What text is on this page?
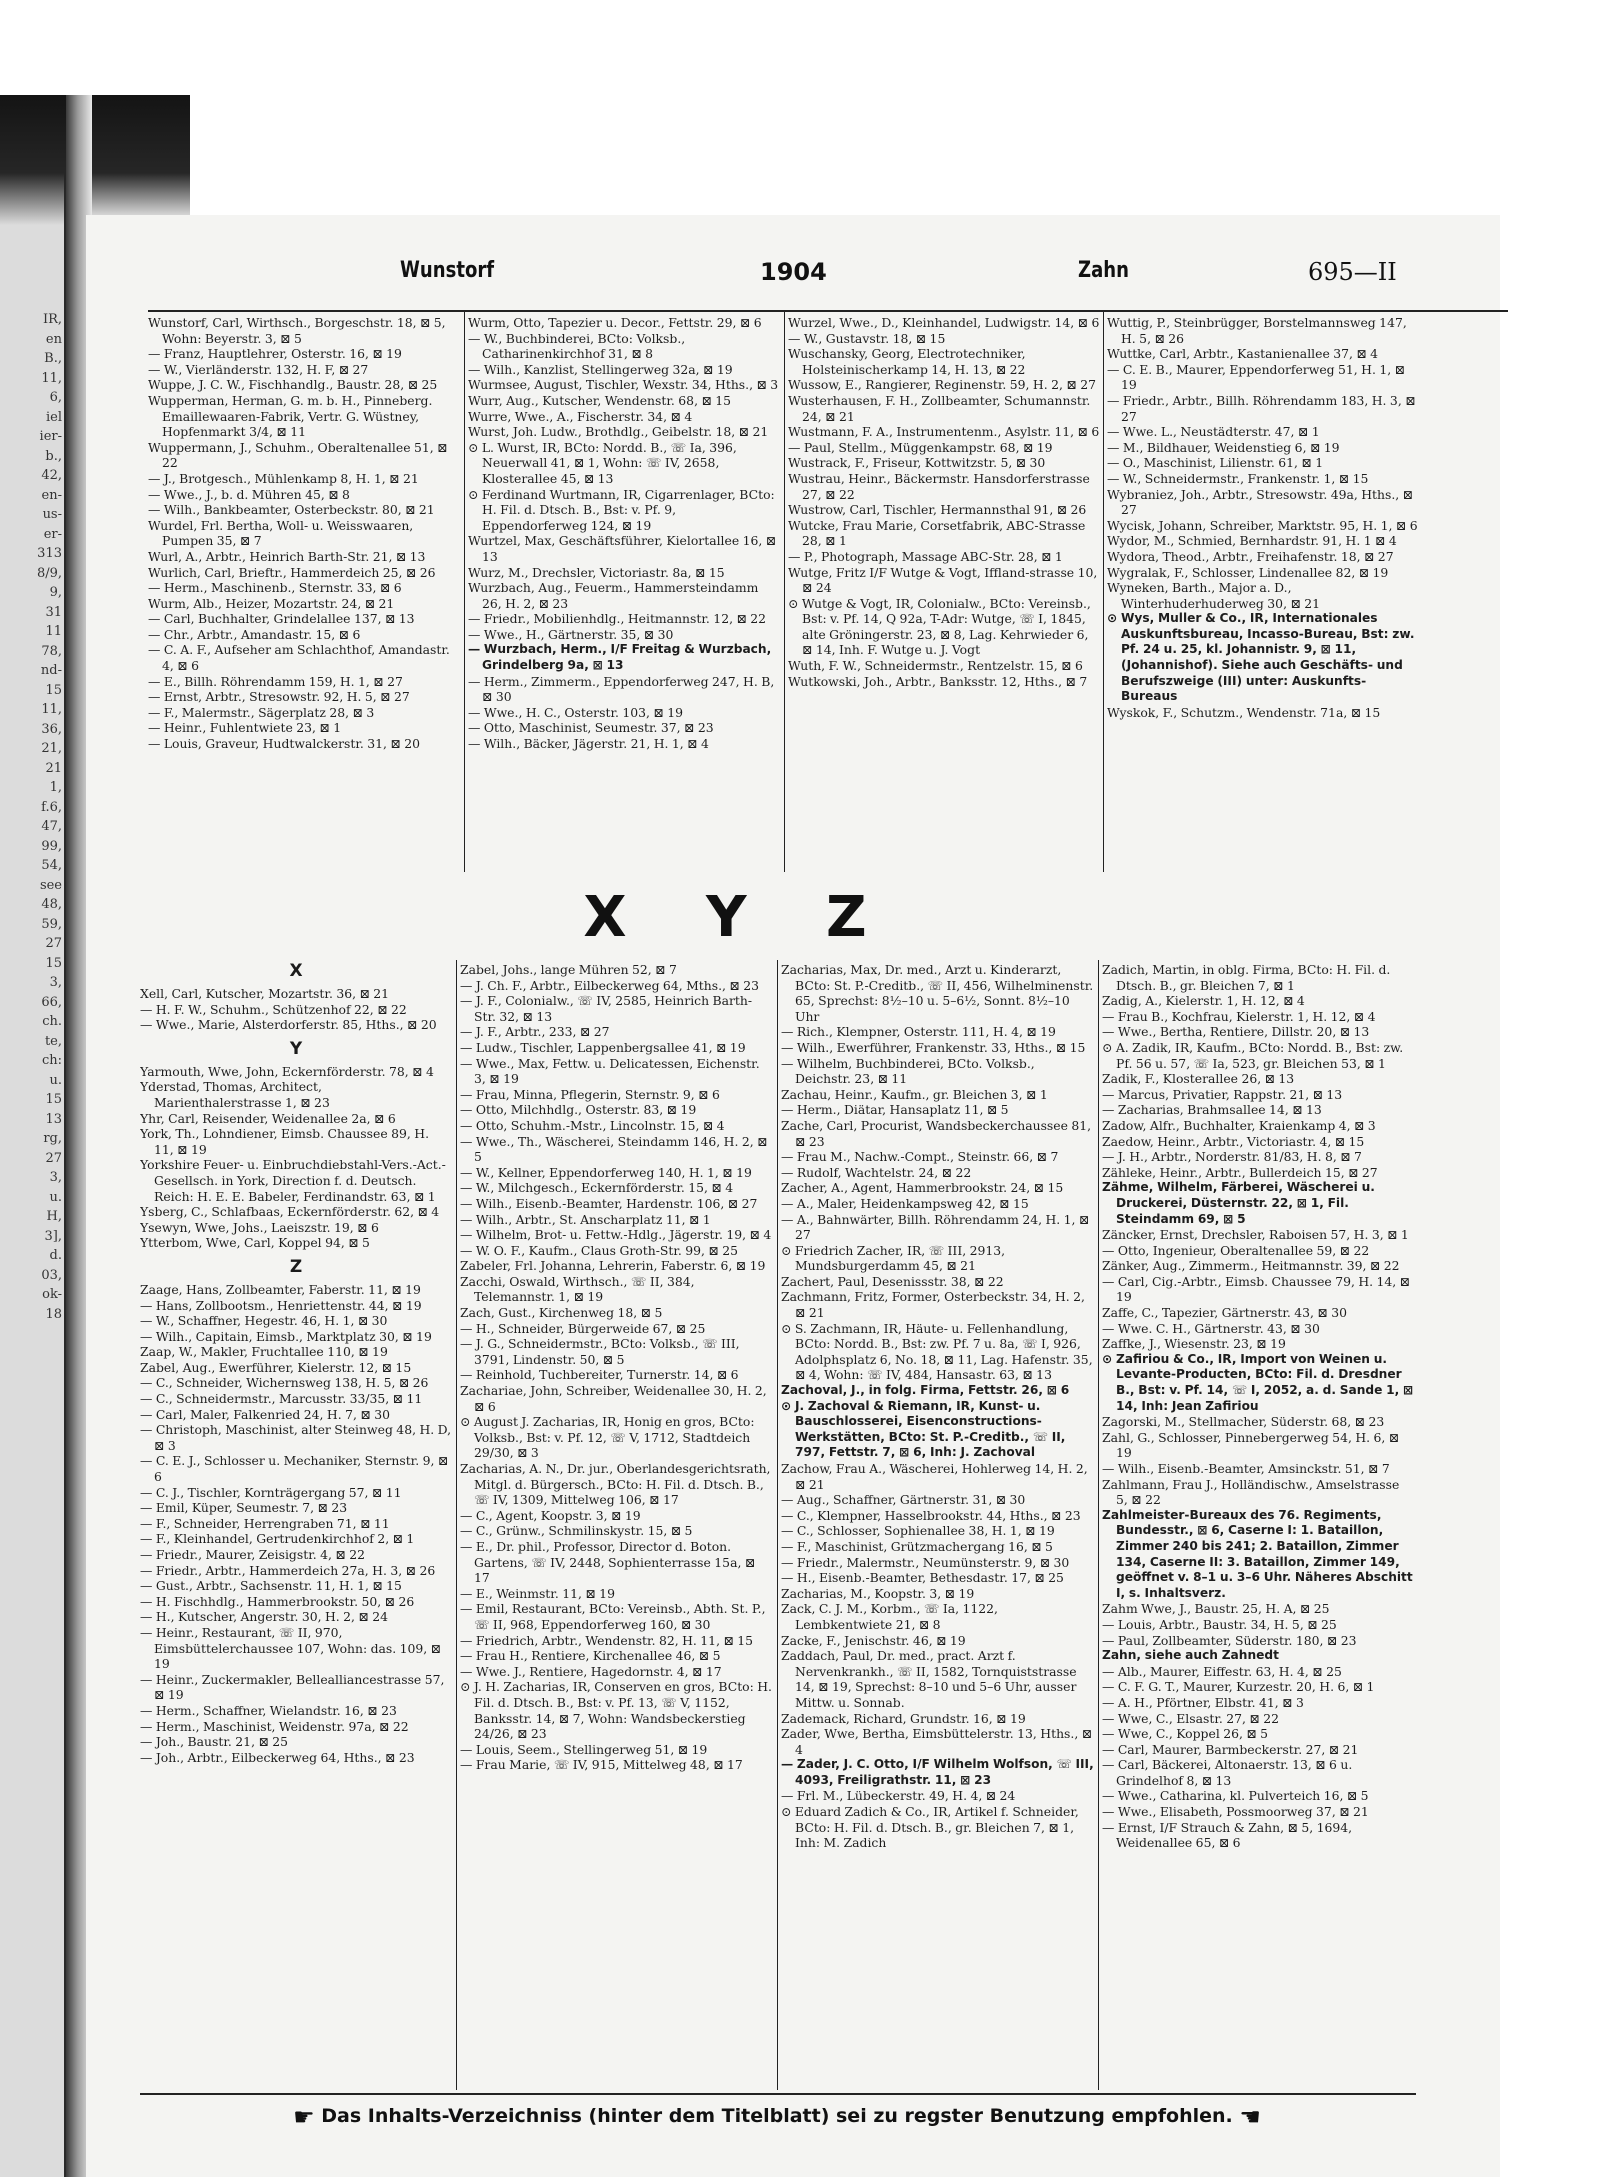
IR,
en
B.,
11,
6,
iel
ier-
b.,
42,
en-
us-
er-
313
8/9,
9,
31
11
78,
nd-
15
11,
36,
21,
21
1,
f.6,
47,
99,
54,
see
48,
59,
27
15
3,
66,
ch.
te,
ch:
u.
15
13
rg,
27
3,
u.
H,
3],
d.
03,
ok-
18
Wunstorf	1904	Zahn	695—II
Wunstorf, Carl, Wirthsch., Borgeschstr. 18, ⊠ 5, Wohn: Beyerstr. 3, ⊠ 5
— Franz, Hauptlehrer, Osterstr. 16, ⊠ 19
— W., Vierländerstr. 132, H. F, ⊠ 27
Wuppe, J. C. W., Fischhandlg., Baustr. 28, ⊠ 25
Wupperman, Herman, G. m. b. H., Pinneberg. Emaillewaaren-Fabrik, Vertr. G. Wüstney, Hopfenmarkt 3/4, ⊠ 11
Wuppermann, J., Schuhm., Oberaltenallee 51, ⊠ 22
— J., Brotgesch., Mühlenkamp 8, H. 1, ⊠ 21
— Wwe., J., b. d. Mühren 45, ⊠ 8
— Wilh., Bankbeamter, Osterbeckstr. 80, ⊠ 21
Wurdel, Frl. Bertha, Woll- u. Weisswaaren, Pumpen 35, ⊠ 7
Wurl, A., Arbtr., Heinrich Barth-Str. 21, ⊠ 13
Wurlich, Carl, Brieftr., Hammerdeich 25, ⊠ 26
— Herm., Maschinenb., Sternstr. 33, ⊠ 6
Wurm, Alb., Heizer, Mozartstr. 24, ⊠ 21
— Carl, Buchhalter, Grindelallee 137, ⊠ 13
— Chr., Arbtr., Amandastr. 15, ⊠ 6
— C. A. F., Aufseher am Schlachthof, Amandastr. 4, ⊠ 6
— E., Billh. Röhrendamm 159, H. 1, ⊠ 27
— Ernst, Arbtr., Stresowstr. 92, H. 5, ⊠ 27
— F., Malermstr., Sägerplatz 28, ⊠ 3
— Heinr., Fuhlentwiete 23, ⊠ 1
— Louis, Graveur, Hudtwalckerstr. 31, ⊠ 20
Wurm, Otto, Tapezier u. Decor., Fettstr. 29, ⊠ 6
— W., Buchbinderei, BCto: Volksb., Catharinenkirchhof 31, ⊠ 8
— Wilh., Kanzlist, Stellingerweg 32a, ⊠ 19
Wurmsee, August, Tischler, Wexstr. 34, Hths., ⊠ 3
Wurr, Aug., Kutscher, Wendenstr. 68, ⊠ 15
Wurre, Wwe., A., Fischerstr. 34, ⊠ 4
Wurst, Joh. Ludw., Brothdlg., Geibelstr. 18, ⊠ 21
⊙ L. Wurst, IR, BCto: Nordd. B., ☏ Ia, 396, Neuerwall 41, ⊠ 1, Wohn: ☏ IV, 2658, Klosterallee 45, ⊠ 13
⊙ Ferdinand Wurtmann, IR, Cigarrenlager, BCto: H. Fil. d. Dtsch. B., Bst: v. Pf. 9, Eppendorferweg 124, ⊠ 19
Wurtzel, Max, Geschäftsführer, Kielortallee 16, ⊠ 13
Wurz, M., Drechsler, Victoriastr. 8a, ⊠ 15
Wurzbach, Aug., Feuerm., Hammersteindamm 26, H. 2, ⊠ 23
— Friedr., Mobilienhdlg., Heitmannstr. 12, ⊠ 22
— Wwe., H., Gärtnerstr. 35, ⊠ 30
— Wurzbach, Herm., I/F Freitag & Wurzbach, Grindelberg 9a, ⊠ 13
— Herm., Zimmerm., Eppendorferweg 247, H. B, ⊠ 30
— Wwe., H. C., Osterstr. 103, ⊠ 19
— Otto, Maschinist, Seumestr. 37, ⊠ 23
— Wilh., Bäcker, Jägerstr. 21, H. 1, ⊠ 4
Wurzel, Wwe., D., Kleinhandel, Ludwigstr. 14, ⊠ 6
— W., Gustavstr. 18, ⊠ 15
Wuschansky, Georg, Electrotechniker, Holsteinischerkamp 14, H. 13, ⊠ 22
Wussow, E., Rangierer, Reginenstr. 59, H. 2, ⊠ 27
Wusterhausen, F. H., Zollbeamter, Schumannstr. 24, ⊠ 21
Wustmann, F. A., Instrumentenm., Asylstr. 11, ⊠ 6
— Paul, Stellm., Müggenkampstr. 68, ⊠ 19
Wustrack, F., Friseur, Kottwitzstr. 5, ⊠ 30
Wustrau, Heinr., Bäckermstr. Hansdorferstrasse 27, ⊠ 22
Wustrow, Carl, Tischler, Hermannsthal 91, ⊠ 26
Wutcke, Frau Marie, Corsetfabrik, ABC-Strasse 28, ⊠ 1
— P., Photograph, Massage ABC-Str. 28, ⊠ 1
Wutge, Fritz I/F Wutge & Vogt, Iffland-strasse 10, ⊠ 24
⊙ Wutge & Vogt, IR, Colonialw., BCto: Vereinsb., Bst: v. Pf. 14, Q 92a, T-Adr: Wutge, ☏ I, 1845, alte Gröningerstr. 23, ⊠ 8, Lag. Kehrwieder 6, ⊠ 14, Inh. F. Wutge u. J. Vogt
Wuth, F. W., Schneidermstr., Rentzelstr. 15, ⊠ 6
Wutkowski, Joh., Arbtr., Banksstr. 12, Hths., ⊠ 7
Wuttig, P., Steinbrügger, Borstelmannsweg 147, H. 5, ⊠ 26
Wuttke, Carl, Arbtr., Kastanienallee 37, ⊠ 4
— C. E. B., Maurer, Eppendorferweg 51, H. 1, ⊠ 19
— Friedr., Arbtr., Billh. Röhrendamm 183, H. 3, ⊠ 27
— Wwe. L., Neustädterstr. 47, ⊠ 1
— M., Bildhauer, Weidenstieg 6, ⊠ 19
— O., Maschinist, Lilienstr. 61, ⊠ 1
— W., Schneidermstr., Frankenstr. 1, ⊠ 15
Wybraniez, Joh., Arbtr., Stresowstr. 49a, Hths., ⊠ 27
Wycisk, Johann, Schreiber, Marktstr. 95, H. 1, ⊠ 6
Wydor, M., Schmied, Bernhardstr. 91, H. 1 ⊠ 4
Wydora, Theod., Arbtr., Freihafenstr. 18, ⊠ 27
Wygralak, F., Schlosser, Lindenallee 82, ⊠ 19
Wyneken, Barth., Major a. D., Winterhuderhuderweg 30, ⊠ 21
⊙ Wys, Muller & Co., IR, Internationales Auskunftsbureau, Incasso-Bureau, Bst: zw. Pf. 24 u. 25, kl. Johannistr. 9, ⊠ 11, (Johannishof). Siehe auch Geschäfts- und Berufszweige (III) unter: Auskunfts-Bureaus
Wyskok, F., Schutzm., Wendenstr. 71a, ⊠ 15
X Y Z
X
Xell, Carl, Kutscher, Mozartstr. 36, ⊠ 21
— H. F. W., Schuhm., Schützenhof 22, ⊠ 22
— Wwe., Marie, Alsterdorferstr. 85, Hths., ⊠ 20
Y
Yarmouth, Wwe, John, Eckernförderstr. 78, ⊠ 4
Yderstad, Thomas, Architect, Marienthalerstrasse 1, ⊠ 23
Yhr, Carl, Reisender, Weidenallee 2a, ⊠ 6
York, Th., Lohndiener, Eimsb. Chaussee 89, H. 11, ⊠ 19
Yorkshire Feuer- u. Einbruchdiebstahl-Vers.-Act.-Gesellsch. in York, Direction f. d. Deutsch. Reich: H. E. E. Babeler, Ferdinandstr. 63, ⊠ 1
Ysberg, C., Schlafbaas, Eckernförderstr. 62, ⊠ 4
Ysewyn, Wwe, Johs., Laeiszstr. 19, ⊠ 6
Ytterbom, Wwe, Carl, Koppel 94, ⊠ 5
Z
Zaage, Hans, Zollbeamter, Faberstr. 11, ⊠ 19
— Hans, Zollbootsm., Henriettenstr. 44, ⊠ 19
— W., Schaffner, Hegestr. 46, H. 1, ⊠ 30
— Wilh., Capitain, Eimsb., Marktplatz 30, ⊠ 19
Zaap, W., Makler, Fruchtallee 110, ⊠ 19
Zabel, Aug., Ewerführer, Kielerstr. 12, ⊠ 15
— C., Schneider, Wichernsweg 138, H. 5, ⊠ 26
— C., Schneidermstr., Marcusstr. 33/35, ⊠ 11
— Carl, Maler, Falkenried 24, H. 7, ⊠ 30
— Christoph, Maschinist, alter Steinweg 48, H. D, ⊠ 3
— C. E. J., Schlosser u. Mechaniker, Sternstr. 9, ⊠ 6
— C. J., Tischler, Kornträgergang 57, ⊠ 11
— Emil, Küper, Seumestr. 7, ⊠ 23
— F., Schneider, Herrengraben 71, ⊠ 11
— F., Kleinhandel, Gertrudenkirchhof 2, ⊠ 1
— Friedr., Maurer, Zeisigstr. 4, ⊠ 22
— Friedr., Arbtr., Hammerdeich 27a, H. 3, ⊠ 26
— Gust., Arbtr., Sachsenstr. 11, H. 1, ⊠ 15
— H. Fischhdlg., Hammerbrookstr. 50, ⊠ 26
— H., Kutscher, Angerstr. 30, H. 2, ⊠ 24
— Heinr., Restaurant, ☏ II, 970, Eimsbüttelerchaussee 107, Wohn: das. 109, ⊠ 19
— Heinr., Zuckermakler, Bellealliancestrasse 57, ⊠ 19
— Herm., Schaffner, Wielandstr. 16, ⊠ 23
— Herm., Maschinist, Weidenstr. 97a, ⊠ 22
— Joh., Baustr. 21, ⊠ 25
— Joh., Arbtr., Eilbeckerweg 64, Hths., ⊠ 23
Zabel, Johs., lange Mühren 52, ⊠ 7
— J. Ch. F., Arbtr., Eilbeckerweg 64, Mths., ⊠ 23
— J. F., Colonialw., ☏ IV, 2585, Heinrich Barth-Str. 32, ⊠ 13
— J. F., Arbtr., 233, ⊠ 27
— Ludw., Tischler, Lappenbergsallee 41, ⊠ 19
— Wwe., Max, Fettw. u. Delicatessen, Eichenstr. 3, ⊠ 19
— Frau, Minna, Pflegerin, Sternstr. 9, ⊠ 6
— Otto, Milchhdlg., Osterstr. 83, ⊠ 19
— Otto, Schuhm.-Mstr., Lincolnstr. 15, ⊠ 4
— Wwe., Th., Wäscherei, Steindamm 146, H. 2, ⊠ 5
— W., Kellner, Eppendorferweg 140, H. 1, ⊠ 19
— W., Milchgesch., Eckernförderstr. 15, ⊠ 4
— Wilh., Eisenb.-Beamter, Hardenstr. 106, ⊠ 27
— Wilh., Arbtr., St. Anscharplatz 11, ⊠ 1
— Wilhelm, Brot- u. Fettw.-Hdlg., Jägerstr. 19, ⊠ 4
— W. O. F., Kaufm., Claus Groth-Str. 99, ⊠ 25
Zabeler, Frl. Johanna, Lehrerin, Faberstr. 6, ⊠ 19
Zacchi, Oswald, Wirthsch., ☏ II, 384, Telemannstr. 1, ⊠ 19
Zach, Gust., Kirchenweg 18, ⊠ 5
— H., Schneider, Bürgerweide 67, ⊠ 25
— J. G., Schneidermstr., BCto: Volksb., ☏ III, 3791, Lindenstr. 50, ⊠ 5
— Reinhold, Tuchbereiter, Turnerstr. 14, ⊠ 6
Zachariae, John, Schreiber, Weidenallee 30, H. 2, ⊠ 6
⊙ August J. Zacharias, IR, Honig en gros, BCto: Volksb., Bst: v. Pf. 12, ☏ V, 1712, Stadtdeich 29/30, ⊠ 3
Zacharias, A. N., Dr. jur., Oberlandesgerichtsrath, Mitgl. d. Bürgersch., BCto: H. Fil. d. Dtsch. B., ☏ IV, 1309, Mittelweg 106, ⊠ 17
— C., Agent, Koopstr. 3, ⊠ 19
— C., Grünw., Schmilinskystr. 15, ⊠ 5
— E., Dr. phil., Professor, Director d. Boton. Gartens, ☏ IV, 2448, Sophienterrasse 15a, ⊠ 17
— E., Weinmstr. 11, ⊠ 19
— Emil, Restaurant, BCto: Vereinsb., Abth. St. P., ☏ II, 968, Eppendorferweg 160, ⊠ 30
— Friedrich, Arbtr., Wendenstr. 82, H. 11, ⊠ 15
— Frau H., Rentiere, Kirchenallee 46, ⊠ 5
— Wwe. J., Rentiere, Hagedornstr. 4, ⊠ 17
⊙ J. H. Zacharias, IR, Conserven en gros, BCto: H. Fil. d. Dtsch. B., Bst: v. Pf. 13, ☏ V, 1152, Banksstr. 14, ⊠ 7, Wohn: Wandsbeckerstieg 24/26, ⊠ 23
— Louis, Seem., Stellingerweg 51, ⊠ 19
— Frau Marie, ☏ IV, 915, Mittelweg 48, ⊠ 17
Zacharias, Max, Dr. med., Arzt u. Kinderarzt, BCto: St. P.-Creditb., ☏ II, 456, Wilhelminenstr. 65, Sprechst: 8½–10 u. 5–6½, Sonnt. 8½–10 Uhr
— Rich., Klempner, Osterstr. 111, H. 4, ⊠ 19
— Wilh., Ewerführer, Frankenstr. 33, Hths., ⊠ 15
— Wilhelm, Buchbinderei, BCto. Volksb., Deichstr. 23, ⊠ 11
Zachau, Heinr., Kaufm., gr. Bleichen 3, ⊠ 1
— Herm., Diätar, Hansaplatz 11, ⊠ 5
Zache, Carl, Procurist, Wandsbeckerchaussee 81, ⊠ 23
— Frau M., Nachw.-Compt., Steinstr. 66, ⊠ 7
— Rudolf, Wachtelstr. 24, ⊠ 22
Zacher, A., Agent, Hammerbrookstr. 24, ⊠ 15
— A., Maler, Heidenkampsweg 42, ⊠ 15
— A., Bahnwärter, Billh. Röhrendamm 24, H. 1, ⊠ 27
⊙ Friedrich Zacher, IR, ☏ III, 2913, Mundsburgerdamm 45, ⊠ 21
Zachert, Paul, Desenissstr. 38, ⊠ 22
Zachmann, Fritz, Former, Osterbeckstr. 34, H. 2, ⊠ 21
⊙ S. Zachmann, IR, Häute- u. Fellenhandlung, BCto: Nordd. B., Bst: zw. Pf. 7 u. 8a, ☏ I, 926, Adolphsplatz 6, No. 18, ⊠ 11, Lag. Hafenstr. 35, ⊠ 4, Wohn: ☏ IV, 484, Hansastr. 63, ⊠ 13
Zachoval, J., in folg. Firma, Fettstr. 26, ⊠ 6
⊙ J. Zachoval & Riemann, IR, Kunst- u. Bauschlosserei, Eisenconstructions-Werkstätten, BCto: St. P.-Creditb., ☏ II, 797, Fettstr. 7, ⊠ 6, Inh: J. Zachoval
Zachow, Frau A., Wäscherei, Hohlerweg 14, H. 2, ⊠ 21
— Aug., Schaffner, Gärtnerstr. 31, ⊠ 30
— C., Klempner, Hasselbrookstr. 44, Hths., ⊠ 23
— C., Schlosser, Sophienallee 38, H. 1, ⊠ 19
— F., Maschinist, Grützmachergang 16, ⊠ 5
— Friedr., Malermstr., Neumünsterstr. 9, ⊠ 30
— H., Eisenb.-Beamter, Bethesdastr. 17, ⊠ 25
Zacharias, M., Koopstr. 3, ⊠ 19
Zack, C. J. M., Korbm., ☏ Ia, 1122, Lembkentwiete 21, ⊠ 8
Zacke, F., Jenischstr. 46, ⊠ 19
Zaddach, Paul, Dr. med., pract. Arzt f. Nervenkrankh., ☏ II, 1582, Tornquiststrasse 14, ⊠ 19, Sprechst: 8–10 und 5–6 Uhr, ausser Mittw. u. Sonnab.
Zademack, Richard, Grundstr. 16, ⊠ 19
Zader, Wwe, Bertha, Eimsbüttelerstr. 13, Hths., ⊠ 4
— Zader, J. C. Otto, I/F Wilhelm Wolfson, ☏ III, 4093, Freiligrathstr. 11, ⊠ 23
— Frl. M., Lübeckerstr. 49, H. 4, ⊠ 24
⊙ Eduard Zadich & Co., IR, Artikel f. Schneider, BCto: H. Fil. d. Dtsch. B., gr. Bleichen 7, ⊠ 1, Inh: M. Zadich
Zadich, Martin, in oblg. Firma, BCto: H. Fil. d. Dtsch. B., gr. Bleichen 7, ⊠ 1
Zadig, A., Kielerstr. 1, H. 12, ⊠ 4
— Frau B., Kochfrau, Kielerstr. 1, H. 12, ⊠ 4
— Wwe., Bertha, Rentiere, Dillstr. 20, ⊠ 13
⊙ A. Zadik, IR, Kaufm., BCto: Nordd. B., Bst: zw. Pf. 56 u. 57, ☏ Ia, 523, gr. Bleichen 53, ⊠ 1
Zadik, F., Klosterallee 26, ⊠ 13
— Marcus, Privatier, Rappstr. 21, ⊠ 13
— Zacharias, Brahmsallee 14, ⊠ 13
Zadow, Alfr., Buchhalter, Kraienkamp 4, ⊠ 3
Zaedow, Heinr., Arbtr., Victoriastr. 4, ⊠ 15
— J. H., Arbtr., Norderstr. 81/83, H. 8, ⊠ 7
Zähleke, Heinr., Arbtr., Bullerdeich 15, ⊠ 27
Zähme, Wilhelm, Färberei, Wäscherei u. Druckerei, Düsternstr. 22, ⊠ 1, Fil. Steindamm 69, ⊠ 5
Zäncker, Ernst, Drechsler, Raboisen 57, H. 3, ⊠ 1
— Otto, Ingenieur, Oberaltenallee 59, ⊠ 22
Zänker, Aug., Zimmerm., Heitmannstr. 39, ⊠ 22
— Carl, Cig.-Arbtr., Eimsb. Chaussee 79, H. 14, ⊠ 19
Zaffe, C., Tapezier, Gärtnerstr. 43, ⊠ 30
— Wwe. C. H., Gärtnerstr. 43, ⊠ 30
Zaffke, J., Wiesenstr. 23, ⊠ 19
⊙ Zafiriou & Co., IR, Import von Weinen u. Levante-Producten, BCto: Fil. d. Dresdner B., Bst: v. Pf. 14, ☏ I, 2052, a. d. Sande 1, ⊠ 14, Inh: Jean Zafiriou
Zagorski, M., Stellmacher, Süderstr. 68, ⊠ 23
Zahl, G., Schlosser, Pinnebergerweg 54, H. 6, ⊠ 19
— Wilh., Eisenb.-Beamter, Amsinckstr. 51, ⊠ 7
Zahlmann, Frau J., Holländischw., Amselstrasse 5, ⊠ 22
Zahlmeister-Bureaux des 76. Regiments, Bundesstr., ⊠ 6, Caserne I: 1. Bataillon, Zimmer 240 bis 241; 2. Bataillon, Zimmer 134, Caserne II: 3. Bataillon, Zimmer 149, geöffnet v. 8–1 u. 3–6 Uhr. Näheres Abschitt I, s. Inhaltsverz.
Zahm Wwe, J., Baustr. 25, H. A, ⊠ 25
— Louis, Arbtr., Baustr. 34, H. 5, ⊠ 25
— Paul, Zollbeamter, Süderstr. 180, ⊠ 23
Zahn, siehe auch Zahnedt
— Alb., Maurer, Eiffestr. 63, H. 4, ⊠ 25
— C. F. G. T., Maurer, Kurzestr. 20, H. 6, ⊠ 1
— A. H., Pförtner, Elbstr. 41, ⊠ 3
— Wwe, C., Elsastr. 27, ⊠ 22
— Wwe, C., Koppel 26, ⊠ 5
— Carl, Maurer, Barmbeckerstr. 27, ⊠ 21
— Carl, Bäckerei, Altonaerstr. 13, ⊠ 6 u. Grindelhof 8, ⊠ 13
— Wwe., Catharina, kl. Pulverteich 16, ⊠ 5
— Wwe., Elisabeth, Possmoorweg 37, ⊠ 21
— Ernst, I/F Strauch & Zahn, ⊠ 5, 1694, Weidenallee 65, ⊠ 6
☛ Das Inhalts-Verzeichniss (hinter dem Titelblatt) sei zu regster Benutzung empfohlen. ☚
